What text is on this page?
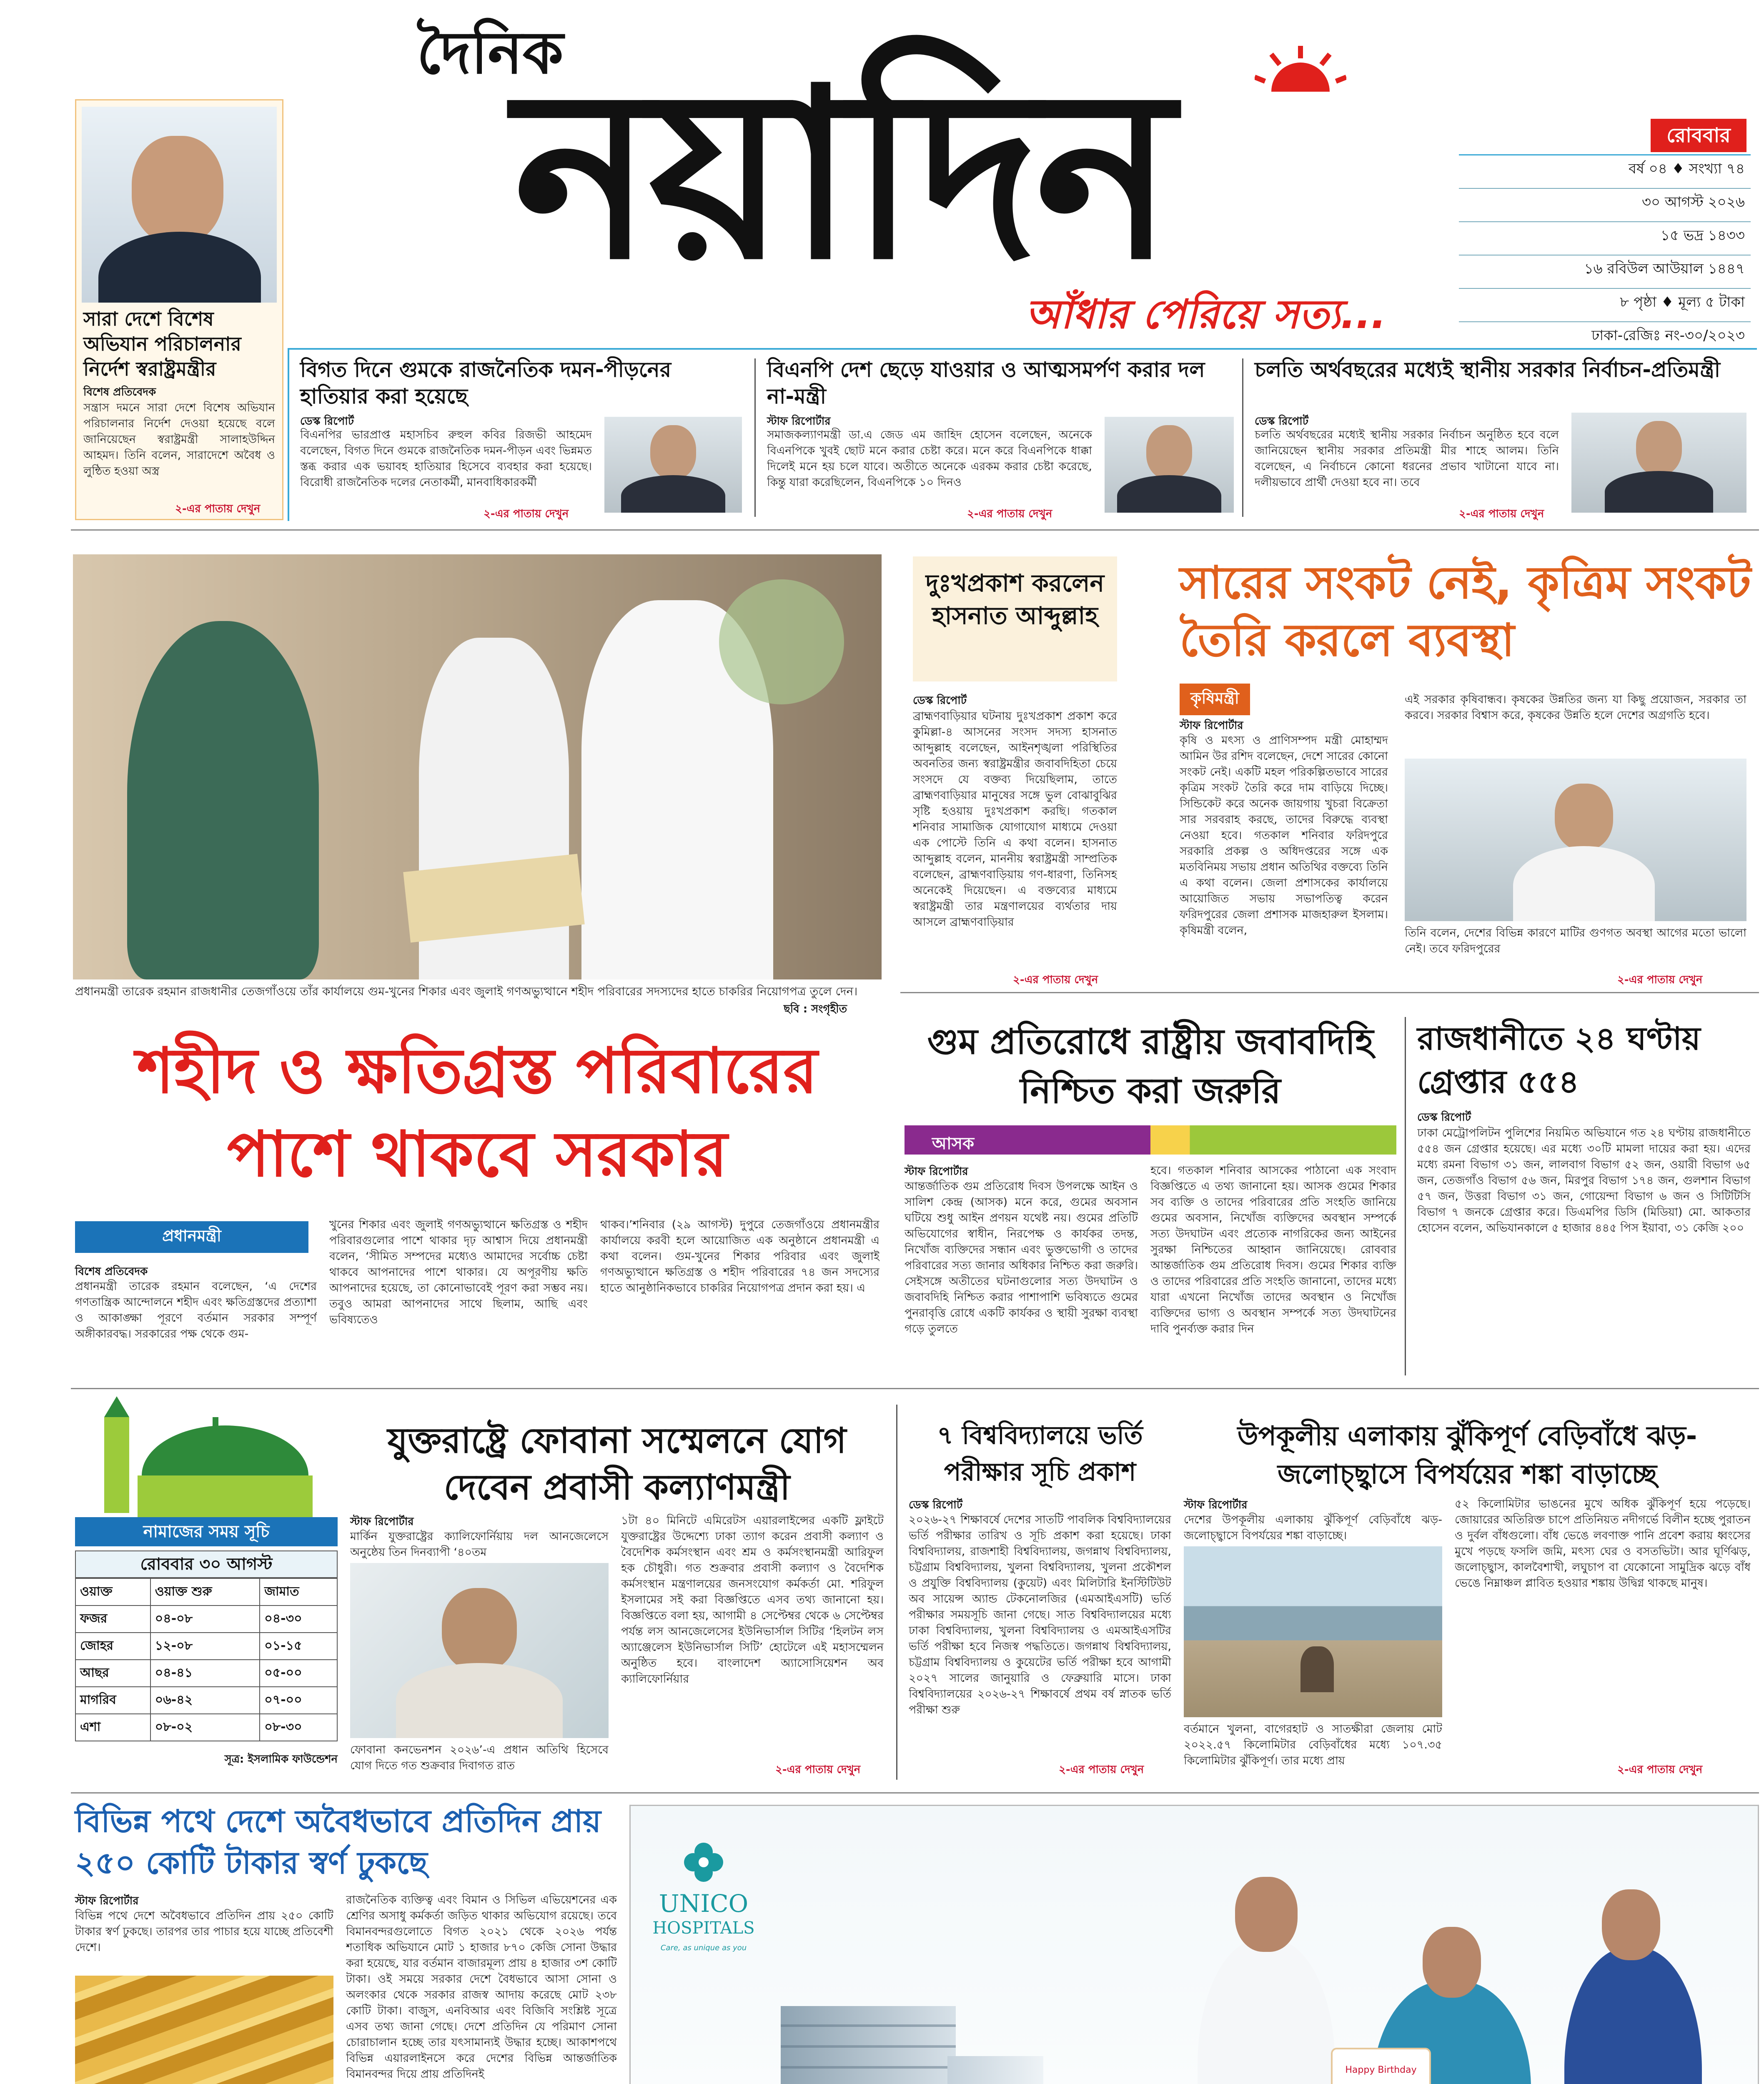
দৈনিক
নয়াদিন
আঁধার পেরিয়ে সত্য...
রোববার
বর্ষ ০৪ ♦ সংখ্যা ৭৪
৩০ আগস্ট ২০২৬
১৫ ভদ্র ১৪৩৩
১৬ রবিউল আউয়াল ১৪৪৭
৮ পৃষ্ঠা ♦ মূল্য ৫ টাকা
ঢাকা-রেজিঃ নং-৩০/২০২৩
সারা দেশে বিশেষ অভিযান পরিচালনার নির্দেশ স্বরাষ্ট্রমন্ত্রীর
বিশেষ প্রতিবেদক
সন্ত্রাস দমনে সারা দেশে বিশেষ অভিযান পরিচালনার নির্দেশ দেওয়া হয়েছে বলে জানিয়েছেন স্বরাষ্ট্রমন্ত্রী সালাহউদ্দিন আহমদ। তিনি বলেন, সারাদেশে অবৈধ ও লুন্ঠিত হওয়া অস্ত্র
২-এর পাতায় দেখুন
বিগত দিনে গুমকে রাজনৈতিক দমন-পীড়নের হাতিয়ার করা হয়েছে
ডেস্ক রিপোর্ট
বিএনপির ভারপ্রাপ্ত মহাসচিব রুহুল কবির রিজভী আহমেদ বলেছেন, বিগত দিনে গুমকে রাজনৈতিক দমন-পীড়ন এবং ভিন্নমত স্তব্ধ করার এক ভয়াবহ হাতিয়ার হিসেবে ব্যবহার করা হয়েছে। বিরোধী রাজনৈতিক দলের নেতাকর্মী, মানবাধিকারকর্মী
২-এর পাতায় দেখুন
বিএনপি দেশ ছেড়ে যাওয়ার ও আত্মসমর্পণ করার দল না-মন্ত্রী
স্টাফ রিপোর্টার
সমাজকল্যাণমন্ত্রী ডা.এ জেড এম জাহিদ হোসেন বলেছেন, অনেকে বিএনপিকে খুবই ছোট মনে করার চেষ্টা করে। মনে করে বিএনপিকে ধাক্কা দিলেই মনে হয় চলে যাবে। অতীতে অনেকে এরকম করার চেষ্টা করেছে, কিন্তু যারা করেছিলেন, বিএনপিকে ১০ দিনও
২-এর পাতায় দেখুন
চলতি অর্থবছরের মধ্যেই স্থানীয় সরকার নির্বাচন-প্রতিমন্ত্রী
ডেস্ক রিপোর্ট
চলতি অর্থবছরের মধ্যেই স্থানীয় সরকার নির্বাচন অনুষ্ঠিত হবে বলে জানিয়েছেন স্থানীয় সরকার প্রতিমন্ত্রী মীর শাহে আলম। তিনি বলেছেন, এ নির্বাচনে কোনো ধরনের প্রভাব খাটানো যাবে না। দলীয়ভাবে প্রার্থী দেওয়া হবে না। তবে
২-এর পাতায় দেখুন
প্রধানমন্ত্রী তারেক রহমান রাজধানীর তেজগাঁওয়ে তাঁর কার্যালয়ে গুম-খুনের শিকার এবং জুলাই গণঅভ্যুত্থানে শহীদ পরিবারের সদস্যদের হাতে চাকরির নিয়োগপত্র তুলে দেন।
ছবি : সংগৃহীত
দুঃখপ্রকাশ করলেন হাসনাত আব্দুল্লাহ
ডেস্ক রিপোর্ট
ব্রাহ্মণবাড়িয়ার ঘটনায় দুঃখপ্রকাশ প্রকাশ করে কুমিল্লা-৪ আসনের সংসদ সদস্য হাসনাত আব্দুল্লাহ বলেছেন, আইনশৃঙ্খলা পরিস্থিতির অবনতির জন্য স্বরাষ্ট্রমন্ত্রীর জবাবদিহিতা চেয়ে সংসদে যে বক্তব্য দিয়েছিলাম, তাতে ব্রাহ্মণবাড়িয়ার মানুষের সঙ্গে ভুল বোঝাবুঝির সৃষ্টি হওয়ায় দুঃখপ্রকাশ করছি। গতকাল শনিবার সামাজিক যোগাযোগ মাধ্যমে দেওয়া এক পোস্টে তিনি এ কথা বলেন। হাসনাত আব্দুল্লাহ বলেন, মাননীয় স্বরাষ্ট্রমন্ত্রী সাম্প্রতিক বলেছেন, ব্রাহ্মণবাড়িয়ায় গণ-ধারণা, তিনিসহ অনেকেই দিয়েছেন। এ বক্তব্যের মাধ্যমে স্বরাষ্ট্রমন্ত্রী তার মন্ত্রণালয়ের ব্যর্থতার দায় আসলে ব্রাহ্মণবাড়িয়ার
২-এর পাতায় দেখুন
সারের সংকট নেই, কৃত্রিম সংকট তৈরি করলে ব্যবস্থা
কৃষিমন্ত্রী
স্টাফ রিপোর্টার
কৃষি ও মৎস্য ও প্রাণিসম্পদ মন্ত্রী মোহাম্মদ আমিন উর রশিদ বলেছেন, দেশে সারের কোনো সংকট নেই। একটি মহল পরিকল্পিতভাবে সারের কৃত্রিম সংকট তৈরি করে দাম বাড়িয়ে দিচ্ছে। সিন্ডিকেট করে অনেক জায়গায় খুচরা বিক্রেতা সার সরবরাহ করছে, তাদের বিরুদ্ধে ব্যবস্থা নেওয়া হবে। গতকাল শনিবার ফরিদপুরে সরকারি প্রকল্প ও অধিদপ্তরের সঙ্গে এক মতবিনিময় সভায় প্রধান অতিথির বক্তব্যে তিনি এ কথা বলেন। জেলা প্রশাসকের কার্যালয়ে আয়োজিত সভায় সভাপতিত্ব করেন ফরিদপুরের জেলা প্রশাসক মাজহারুল ইসলাম। কৃষিমন্ত্রী বলেন,
এই সরকার কৃষিবান্ধব। কৃষকের উন্নতির জন্য যা কিছু প্রয়োজন, সরকার তা করবে। সরকার বিশ্বাস করে, কৃষকের উন্নতি হলে দেশের অগ্রগতি হবে।
তিনি বলেন, দেশের বিভিন্ন কারণে মাটির গুণগত অবস্থা আগের মতো ভালো নেই। তবে ফরিদপুরের
২-এর পাতায় দেখুন
শহীদ ও ক্ষতিগ্রস্ত পরিবারের পাশে থাকবে সরকার
প্রধানমন্ত্রী
বিশেষ প্রতিবেদক
প্রধানমন্ত্রী তারেক রহমান বলেছেন, ‘এ দেশের গণতান্ত্রিক আন্দোলনে শহীদ এবং ক্ষতিগ্রস্তদের প্রত্যাশা ও আকাঙ্ক্ষা পূরণে বর্তমান সরকার সম্পূর্ণ অঙ্গীকারবদ্ধ। সরকারের পক্ষ থেকে গুম-
খুনের শিকার এবং জুলাই গণঅভ্যুত্থানে ক্ষতিগ্রস্ত ও শহীদ পরিবারগুলোর পাশে থাকার দৃঢ় আশ্বাস দিয়ে প্রধানমন্ত্রী বলেন, ‘সীমিত সম্পদের মধ্যেও আমাদের সর্বোচ্চ চেষ্টা থাকবে আপনাদের পাশে থাকার। যে অপূরণীয় ক্ষতি আপনাদের হয়েছে, তা কোনোভাবেই পূরণ করা সম্ভব নয়। তবুও আমরা আপনাদের সাথে ছিলাম, আছি এবং ভবিষ্যতেও
থাকব।’শনিবার (২৯ আগস্ট) দুপুরে তেজগাঁওয়ে প্রধানমন্ত্রীর কার্যালয়ে করবী হলে আয়োজিত এক অনুষ্ঠানে প্রধানমন্ত্রী এ কথা বলেন। গুম-খুনের শিকার পরিবার এবং জুলাই গণঅভ্যুত্থানে ক্ষতিগ্রস্ত ও শহীদ পরিবারের ৭৪ জন সদস্যের হাতে আনুষ্ঠানিকভাবে চাকরির নিয়োগপত্র প্রদান করা হয়। এ
গুম প্রতিরোধে রাষ্ট্রীয় জবাবদিহি নিশ্চিত করা জরুরি
আসক
স্টাফ রিপোর্টার
আন্তর্জাতিক গুম প্রতিরোধ দিবস উপলক্ষে আইন ও সালিশ কেন্দ্র (আসক) মনে করে, গুমের অবসান ঘটিয়ে শুধু আইন প্রণয়ন যথেষ্ট নয়। গুমের প্রতিটি অভিযোগের স্বাধীন, নিরপেক্ষ ও কার্যকর তদন্ত, নিখোঁজ ব্যক্তিদের সন্ধান এবং ভুক্তভোগী ও তাদের পরিবারের সত্য জানার অধিকার নিশ্চিত করা জরুরি। সেইসঙ্গে অতীতের ঘটনাগুলোর সত্য উদঘাটন ও জবাবদিহি নিশ্চিত করার পাশাপাশি ভবিষ্যতে গুমের পুনরাবৃত্তি রোধে একটি কার্যকর ও স্থায়ী সুরক্ষা ব্যবস্থা গড়ে তুলতে
হবে। গতকাল শনিবার আসকের পাঠানো এক সংবাদ বিজ্ঞপ্তিতে এ তথ্য জানানো হয়। আসক গুমের শিকার সব ব্যক্তি ও তাদের পরিবারের প্রতি সংহতি জানিয়ে গুমের অবসান, নিখোঁজ ব্যক্তিদের অবস্থান সম্পর্কে সত্য উদঘাটন এবং প্রত্যেক নাগরিকের জন্য আইনের সুরক্ষা নিশ্চিতের আহ্বান জানিয়েছে। রোববার আন্তর্জাতিক গুম প্রতিরোধ দিবস। গুমের শিকার ব্যক্তি ও তাদের পরিবারের প্রতি সংহতি জানানো, তাদের মধ্যে যারা এখনো নিখোঁজ তাদের অবস্থান ও নিখোঁজ ব্যক্তিদের ভাগ্য ও অবস্থান সম্পর্কে সত্য উদঘাটনের দাবি পুনর্ব্যক্ত করার দিন
রাজধানীতে ২৪ ঘণ্টায় গ্রেপ্তার ৫৫৪
ডেস্ক রিপোর্ট
ঢাকা মেট্রোপলিটন পুলিশের নিয়মিত অভিযানে গত ২৪ ঘণ্টায় রাজধানীতে ৫৫৪ জন গ্রেপ্তার হয়েছে। এর মধ্যে ৩০টি মামলা দায়ের করা হয়। এদের মধ্যে রমনা বিভাগ ৩১ জন, লালবাগ বিভাগ ৫২ জন, ওয়ারী বিভাগ ৬৫ জন, তেজগাঁও বিভাগ ৫৬ জন, মিরপুর বিভাগ ১৭৪ জন, গুলশান বিভাগ ৫৭ জন, উত্তরা বিভাগ ৩১ জন, গোয়েন্দা বিভাগ ৬ জন ও সিটিটিসি বিভাগ ৭ জনকে গ্রেপ্তার করে। ডিএমপির ডিসি (মিডিয়া) মো. আকতার হোসেন বলেন, অভিযানকালে ৫ হাজার ৪৪৫ পিস ইয়াবা, ৩১ কেজি ২০০
নামাজের সময় সূচি
রোববার ৩০ আগস্ট
ওয়াক্ত	ওয়াক্ত শুরু	জামাত
ফজর	০৪-০৮	০৪-৩০
জোহর	১২-০৮	০১-১৫
আছর	০৪-৪১	০৫-০০
মাগরিব	০৬-৪২	০৭-০০
এশা	০৮-০২	০৮-৩০
সূত্র: ইসলামিক ফাউন্ডেশন
যুক্তরাষ্ট্রে ফোবানা সম্মেলনে যোগ দেবেন প্রবাসী কল্যাণমন্ত্রী
স্টাফ রিপোর্টার
মার্কিন যুক্তরাষ্ট্রের ক্যালিফোর্নিয়ায় দল আনজেলেসে অনুষ্ঠেয় তিন দিনব্যাপী ‘৪০তম
ফোবানা কনভেনশন ২০২৬’-এ প্রধান অতিথি হিসেবে যোগ দিতে গত শুক্রবার দিবাগত রাত
১টা ৪০ মিনিটে এমিরেটস এয়ারলাইন্সের একটি ফ্লাইটে যুক্তরাষ্ট্রের উদ্দেশ্যে ঢাকা ত্যাগ করেন প্রবাসী কল্যাণ ও বৈদেশিক কর্মসংস্থান এবং শ্রম ও কর্মসংস্থানমন্ত্রী আরিফুল হক চৌধুরী। গত শুক্রবার প্রবাসী কল্যাণ ও বৈদেশিক কর্মসংস্থান মন্ত্রণালয়ের জনসংযোগ কর্মকর্তা মো. শরিফুল ইসলামের সই করা বিজ্ঞপ্তিতে এসব তথ্য জানানো হয়। বিজ্ঞপ্তিতে বলা হয়, আগামী ৪ সেপ্টেম্বর থেকে ৬ সেপ্টেম্বর পর্যন্ত লস আনজেলেসের ইউনিভার্সাল সিটির ‘হিলটন লস অ্যাঞ্জেলেস ইউনিভার্সাল সিটি’ হোটেলে এই মহাসম্মেলন অনুষ্ঠিত হবে। বাংলাদেশ অ্যাসোসিয়েশন অব ক্যালিফোর্নিয়ার
২-এর পাতায় দেখুন
৭ বিশ্ববিদ্যালয়ে ভর্তি পরীক্ষার সূচি প্রকাশ
ডেস্ক রিপোর্ট
২০২৬-২৭ শিক্ষাবর্ষে দেশের সাতটি পাবলিক বিশ্ববিদ্যালয়ের ভর্তি পরীক্ষার তারিখ ও সূচি প্রকাশ করা হয়েছে। ঢাকা বিশ্ববিদ্যালয়, রাজশাহী বিশ্ববিদ্যালয়, জগন্নাথ বিশ্ববিদ্যালয়, চট্টগ্রাম বিশ্ববিদ্যালয়, খুলনা বিশ্ববিদ্যালয়, খুলনা প্রকৌশল ও প্রযুক্তি বিশ্ববিদ্যালয় (কুয়েট) এবং মিলিটারি ইনস্টিটিউট অব সায়েন্স অ্যান্ড টেকনোলজির (এমআইএসটি) ভর্তি পরীক্ষার সময়সূচি জানা গেছে। সাত বিশ্ববিদ্যালয়ের মধ্যে ঢাকা বিশ্ববিদ্যালয়, খুলনা বিশ্ববিদ্যালয় ও এমআইএসটির ভর্তি পরীক্ষা হবে নিজস্ব পদ্ধতিতে। জগন্নাথ বিশ্ববিদ্যালয়, চট্টগ্রাম বিশ্ববিদ্যালয় ও কুয়েটের ভর্তি পরীক্ষা হবে আগামী ২০২৭ সালের জানুয়ারি ও ফেব্রুয়ারি মাসে। ঢাকা বিশ্ববিদ্যালয়ের ২০২৬-২৭ শিক্ষাবর্ষে প্রথম বর্ষ স্নাতক ভর্তি পরীক্ষা শুরু
২-এর পাতায় দেখুন
উপকূলীয় এলাকায় ঝুঁকিপূর্ণ বেড়িবাঁধে ঝড়-জলোচ্ছ্বাসে বিপর্যয়ের শঙ্কা বাড়াচ্ছে
স্টাফ রিপোর্টার
দেশের উপকূলীয় এলাকায় ঝুঁকিপূর্ণ বেড়িবাঁধে ঝড়-জলোচ্ছ্বাসে বিপর্যয়ের শঙ্কা বাড়াচ্ছে।
বর্তমানে খুলনা, বাগেরহাট ও সাতক্ষীরা জেলায় মোট ২০২২.৫৭ কিলোমিটার বেড়িবাঁধের মধ্যে ১০৭.৩৫ কিলোমিটার ঝুঁকিপূর্ণ। তার মধ্যে প্রায়
৫২ কিলোমিটার ভাঙনের মুখে অধিক ঝুঁকিপূর্ণ হয়ে পড়েছে। জোয়ারের অতিরিক্ত চাপে প্রতিনিয়ত নদীগর্ভে বিলীন হচ্ছে পুরাতন ও দুর্বল বাঁধগুলো। বাঁধ ভেঙে লবণাক্ত পানি প্রবেশ করায় ধ্বংসের মুখে পড়ছে ফসলি জমি, মৎস্য ঘের ও বসতভিটা। আর ঘূর্ণিঝড়, জলোচ্ছ্বাস, কালবৈশাখী, লঘুচাপ বা যেকোনো সামুদ্রিক ঝড়ে বাঁধ ভেঙে নিম্নাঞ্চল প্লাবিত হওয়ার শঙ্কায় উদ্বিগ্ন থাকছে মানুষ।
২-এর পাতায় দেখুন
বিভিন্ন পথে দেশে অবৈধভাবে প্রতিদিন প্রায় ২৫০ কোটি টাকার স্বর্ণ ঢুকছে
স্টাফ রিপোর্টার
বিভিন্ন পথে দেশে অবৈধভাবে প্রতিদিন প্রায় ২৫০ কোটি টাকার স্বর্ণ ঢুকছে। তারপর তার পাচার হয়ে যাচ্ছে প্রতিবেশী দেশে।
রাজনৈতিক ব্যক্তিত্ব এবং বিমান ও সিভিল এভিয়েশনের এক শ্রেণির অসাধু কর্মকর্তা জড়িত থাকার অভিযোগ রয়েছে। তবে বিমানবন্দরগুলোতে বিগত ২০২১ থেকে ২০২৬ পর্যন্ত শতাধিক অভিযানে মোট ১ হাজার ৮৭০ কেজি সোনা উদ্ধার করা হয়েছে, যার বর্তমান বাজারমূল্য প্রায় ৪ হাজার ৩শ কোটি টাকা। ওই সময়ে সরকার দেশে বৈধভাবে আসা সোনা ও অলংকার থেকে সরকার রাজস্ব আদায় করেছে মোট ২৩৮ কোটি টাকা। বাজুস, এনবিআর এবং বিজিবি সংশ্লিষ্ট সূত্রে এসব তথ্য জানা গেছে। দেশে প্রতিদিন যে পরিমাণ সোনা চোরাচালান হচ্ছে তার যৎসামান্যই উদ্ধার হচ্ছে। আকাশপথে বিভিন্ন এয়ারলাইনসে করে দেশের বিভিন্ন আন্তর্জাতিক বিমানবন্দর দিয়ে প্রায় প্রতিদিনই
UNICO
HOSPITALS
Care, as unique as you
Happy Birthday
